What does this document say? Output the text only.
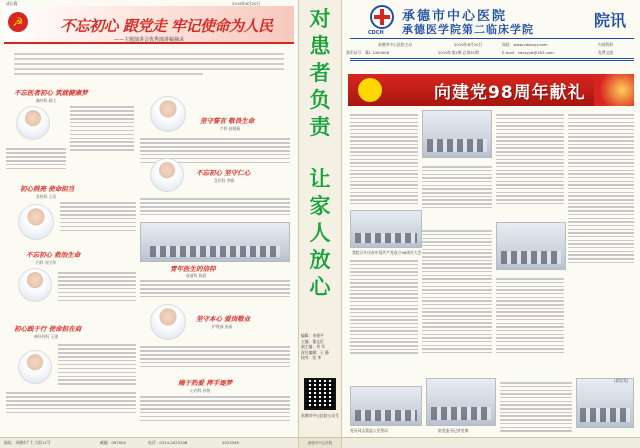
成长篇	2019年6月20日
☭	不忘初心 跟党走 牢记使命为人民
——主题演讲会优秀演讲稿摘录
不忘医者初心 筑就健康梦
胸外科 顾大
坚守誓言 敬畏生命
产科 赵晓燕
初心照亮 使命担当
宣传科 王浩
不忘初心 坚守仁心
急诊科 李敏
不忘初心 救治生命
内科 刘卫华
青年医生的信仰
血液科 陈晨
坚守本心 爱岗敬业
护理部 张丽
初心践于行 使命担在肩
神经外科 王建
端于热爱 挥手逐梦
心内科 孙悦
地址：承德市广仁大街11号	邮编：067000	电话：0314-2023348	2023349
对
患
者
负
责
让
家
人
放
心
编辑：李建平
主编：董文臣
副主编：刘 军
责任编辑：王 静
校对：张 华
承德市中心医院公众号
承德市中心医院
CDCH
承德市中心医院
承德医学院第二临床学院	院讯
承德市中心医院主办	2019年6月20日	网址：www.cdszxyy.com	内部资料
准印证号：冀L 1400008	2019年第2期 总第51期	E-mail：cdzxyyb@163.com	免费交流
向建党98周年献礼
我院召开庆祝中国共产党成立98周年大会
党员同志重温入党誓词	院党委书记讲党课
(侯宏发)
